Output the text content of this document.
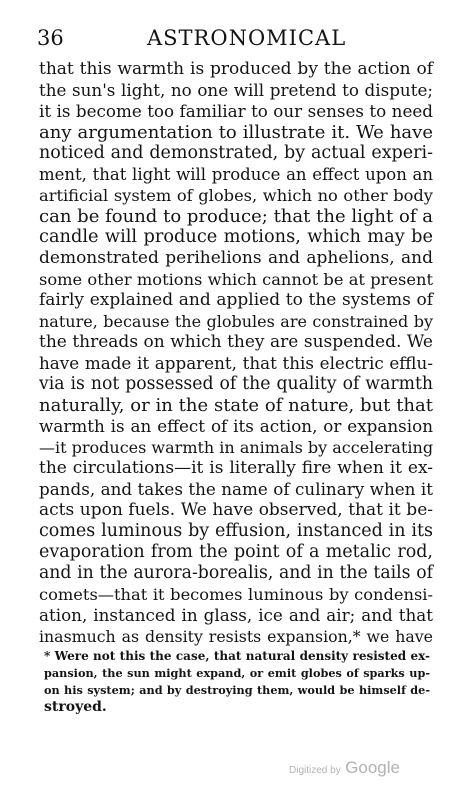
36	ASTRONOMICAL
that this warmth is produced by the action of
the sun's light, no one will pretend to dispute;
it is become too familiar to our senses to need
any argumentation to illustrate it. We have
noticed and demonstrated, by actual experi-
ment, that light will produce an effect upon an
artificial system of globes, which no other body
can be found to produce; that the light of a
candle will produce motions, which may be
demonstrated perihelions and aphelions, and
some other motions which cannot be at present
fairly explained and applied to the systems of
nature, because the globules are constrained by
the threads on which they are suspended. We
have made it apparent, that this electric efflu-
via is not possessed of the quality of warmth
naturally, or in the state of nature, but that
warmth is an effect of its action, or expansion
—it produces warmth in animals by accelerating
the circulations—it is literally fire when it ex-
pands, and takes the name of culinary when it
acts upon fuels. We have observed, that it be-
comes luminous by effusion, instanced in its
evaporation from the point of a metalic rod,
and in the aurora-borealis, and in the tails of
comets—that it becomes luminous by condensi-
ation, instanced in glass, ice and air; and that
inasmuch as density resists expansion,* we have
* Were not this the case, that natural density resisted ex-
pansion, the sun might expand, or emit globes of sparks up-
on his system; and by destroying them, would be himself de-
stroyed.
Digitized by Google
